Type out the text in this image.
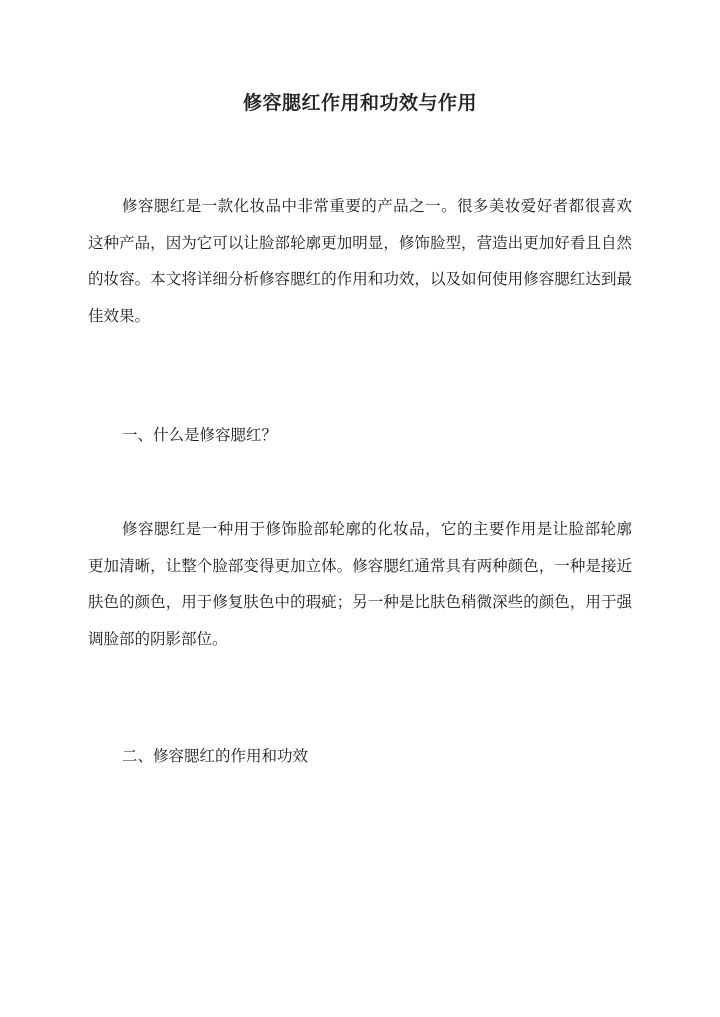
修容腮红作用和功效与作用

修容腮红是一款化妆品中非常重要的产品之一。很多美妆爱好者都很喜欢这种产品，因为它可以让脸部轮廓更加明显，修饰脸型，营造出更加好看且自然的妆容。本文将详细分析修容腮红的作用和功效，以及如何使用修容腮红达到最佳效果。

一、什么是修容腮红？

修容腮红是一种用于修饰脸部轮廓的化妆品，它的主要作用是让脸部轮廓更加清晰，让整个脸部变得更加立体。修容腮红通常具有两种颜色，一种是接近肤色的颜色，用于修复肤色中的瑕疵；另一种是比肤色稍微深些的颜色，用于强调脸部的阴影部位。

二、修容腮红的作用和功效
